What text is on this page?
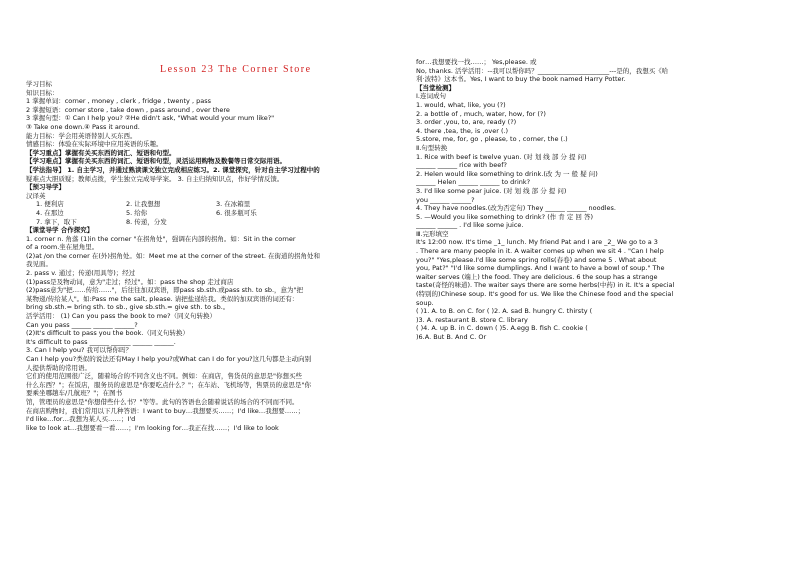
Lesson 23 The Corner Store
学习目标
知识目标：
1 掌握单词：corner , money , clerk , fridge , twenty , pass
2 掌握短语：corner store , take down , pass around , over there
3 掌握句型：① Can I help you? ②He didn't ask, "What would your mum like?"
③ Take one down.④ Pass it around.
能力目标：学会用英语替别人买东西。
情感目标：体验在实际环境中应用英语的乐趣。
【学习重点】掌握有关买东西的词汇、短语和句型。
【学习难点】掌握有关买东西的词汇、短语和句型，灵活运用购物及数餐等日常交际用语。
【学法指导】 1. 自主学习，并通过熟读课文独立完成相应练习。2. 课堂探究，针对自主学习过程中的
疑难点大胆质疑；教师点拨，学生独立完成导学案。 3. 自主归纳知识点，作好学情反馈。
【预习导学】
汉译英
1. 便利店	2. 让我想想	3. 在冰箱里
4. 在那边	5. 给你	6. 很多瓶可乐
7. 拿下，取下	8. 传递，分发
【课堂导学 合作探究】
1. corner n. 角落 (1)in the corner "在拐角处"，强调在内部的拐角。如：Sit in the corner
of a room.坐在屋角里。
(2)at /on the corner 在(外)拐角处。如：Meet me at the corner of the street. 在街道的拐角处和
我见面。
2. pass v. 通过；传递(用具等)；经过
(1)pass是及物动词，意为"走过；经过"。如：pass the shop 走过商店
(2)pass意为"把……传给……"，后往往加双宾语，即pass sb.sth.或pass sth. to sb.，意为"把
某物递/传给某人"。如:Pass me the salt, please. 请把盐递给我。类似的加双宾语的词还有：
bring sb.sth.= bring sth. to sb., give sb.sth.= give sth. to sb.。
活学活用： (1) Can you pass the book to me?（同义句转换）
Can you pass ______ ______ ______?
(2)It's difficult to pass you the book.（同义句转换）
It's difficult to pass ______ ______ ______ ______.
3. Can I help you? 我可以帮你吗？
Can I help you?类似的说法还有May I help you?或What can I do for you?这几句都是主动向别
人提供帮助的常用语。
它们的使用范围很广泛，随着场合的不同含义也不同。例如：在商店，售货员的意思是"你想买些
什么东西？"；在饭店，服务员的意思是"你要吃点什么？"；在车站、飞机场等，售票员的意思是"你
要乘坐哪趟车/几航班？"；在图书
馆，管理员的意思是"你想借些什么书？"等等。此句的答语也会随着说话的场合的不同而不同。
在商店购物时，我们常用以下几种答语：I want to buy…我想要买……；I'd like…我想要……；
I'd like…for…我想为某人买……；I'd
like to look at…我想要看一看……；I'm looking for…我正在找……；I'd like to look
for…我想要找一找……； Yes,please. 或
No, thanks. 活学活用：--我可以帮你吗？______________________---是的，我想买《哈
利·波特》这本书。Yes, I want to buy the book named Harry Potter.
【当堂检测】
Ⅰ.连词成句
1. would, what, like, you (?)
2. a bottle of , much, water, how, for (?)
3. order ,you, to, are, ready (?)
4. there ,tea, the, is ,over (.)
5.store, me, for, go , please, to , corner, the (.)
Ⅱ.句型转换
1. Rice with beef is twelve yuan. (对 划 线 部 分 提 问)
______ ______ rice with beef?
2. Helen would like something to drink.(改 为 一 般 疑 问)
______ Helen ______ ______ to drink?
3. I'd like some pear juice. (对 划 线 部 分 提 问)
you ______ ______?
4. They have noodles.(改为否定句) They ______ ______ noodles.
5. —Would you like something to drink? (作 肯 定 回 答)
______ ______ . I'd like some juice.
Ⅲ.完形填空
It's 12:00 now. It's time _1_ lunch. My friend Pat and I are _2_ We go to a 3
. There are many people in it. A waiter comes up when we sit 4 . "Can I help
you?" "Yes,please.I'd like some spring rolls(春卷) and some 5 . What about
you, Pat?" "I'd like some dumplings. And I want to have a bowl of soup." The
waiter serves (端上) the food. They are delicious. 6 the soup has a strange
taste(奇怪的味道). The waiter says there are some herbs(中药) in it. It's a special
(特别的)Chinese soup. It's good for us. We like the Chinese food and the special
soup.
( )1. A. to B. on C. for ( )2. A. sad B. hungry C. thirsty (
)3. A. restaurant B. store C. library
( )4. A. up B. in C. down ( )5. A.egg B. fish C. cookie (
)6.A. But B. And C. Or
